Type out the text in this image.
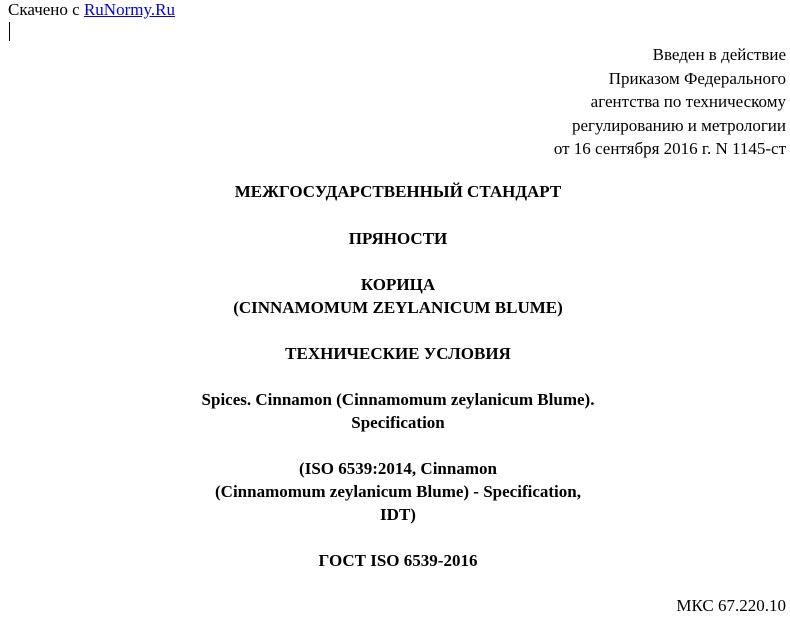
Скачено с RuNormy.Ru
Введен в действие
Приказом Федерального
агентства по техническому
регулированию и метрологии
от 16 сентября 2016 г. N 1145-ст
МЕЖГОСУДАРСТВЕННЫЙ СТАНДАРТ
ПРЯНОСТИ
КОРИЦА
(CINNAMOMUM ZEYLANICUM BLUME)
ТЕХНИЧЕСКИЕ УСЛОВИЯ
Spices. Cinnamon (Cinnamomum zeylanicum Blume).
Specification
(ISO 6539:2014, Cinnamon
(Cinnamomum zeylanicum Blume) - Specification,
IDT)
ГОСТ ISO 6539-2016
МКС 67.220.10
